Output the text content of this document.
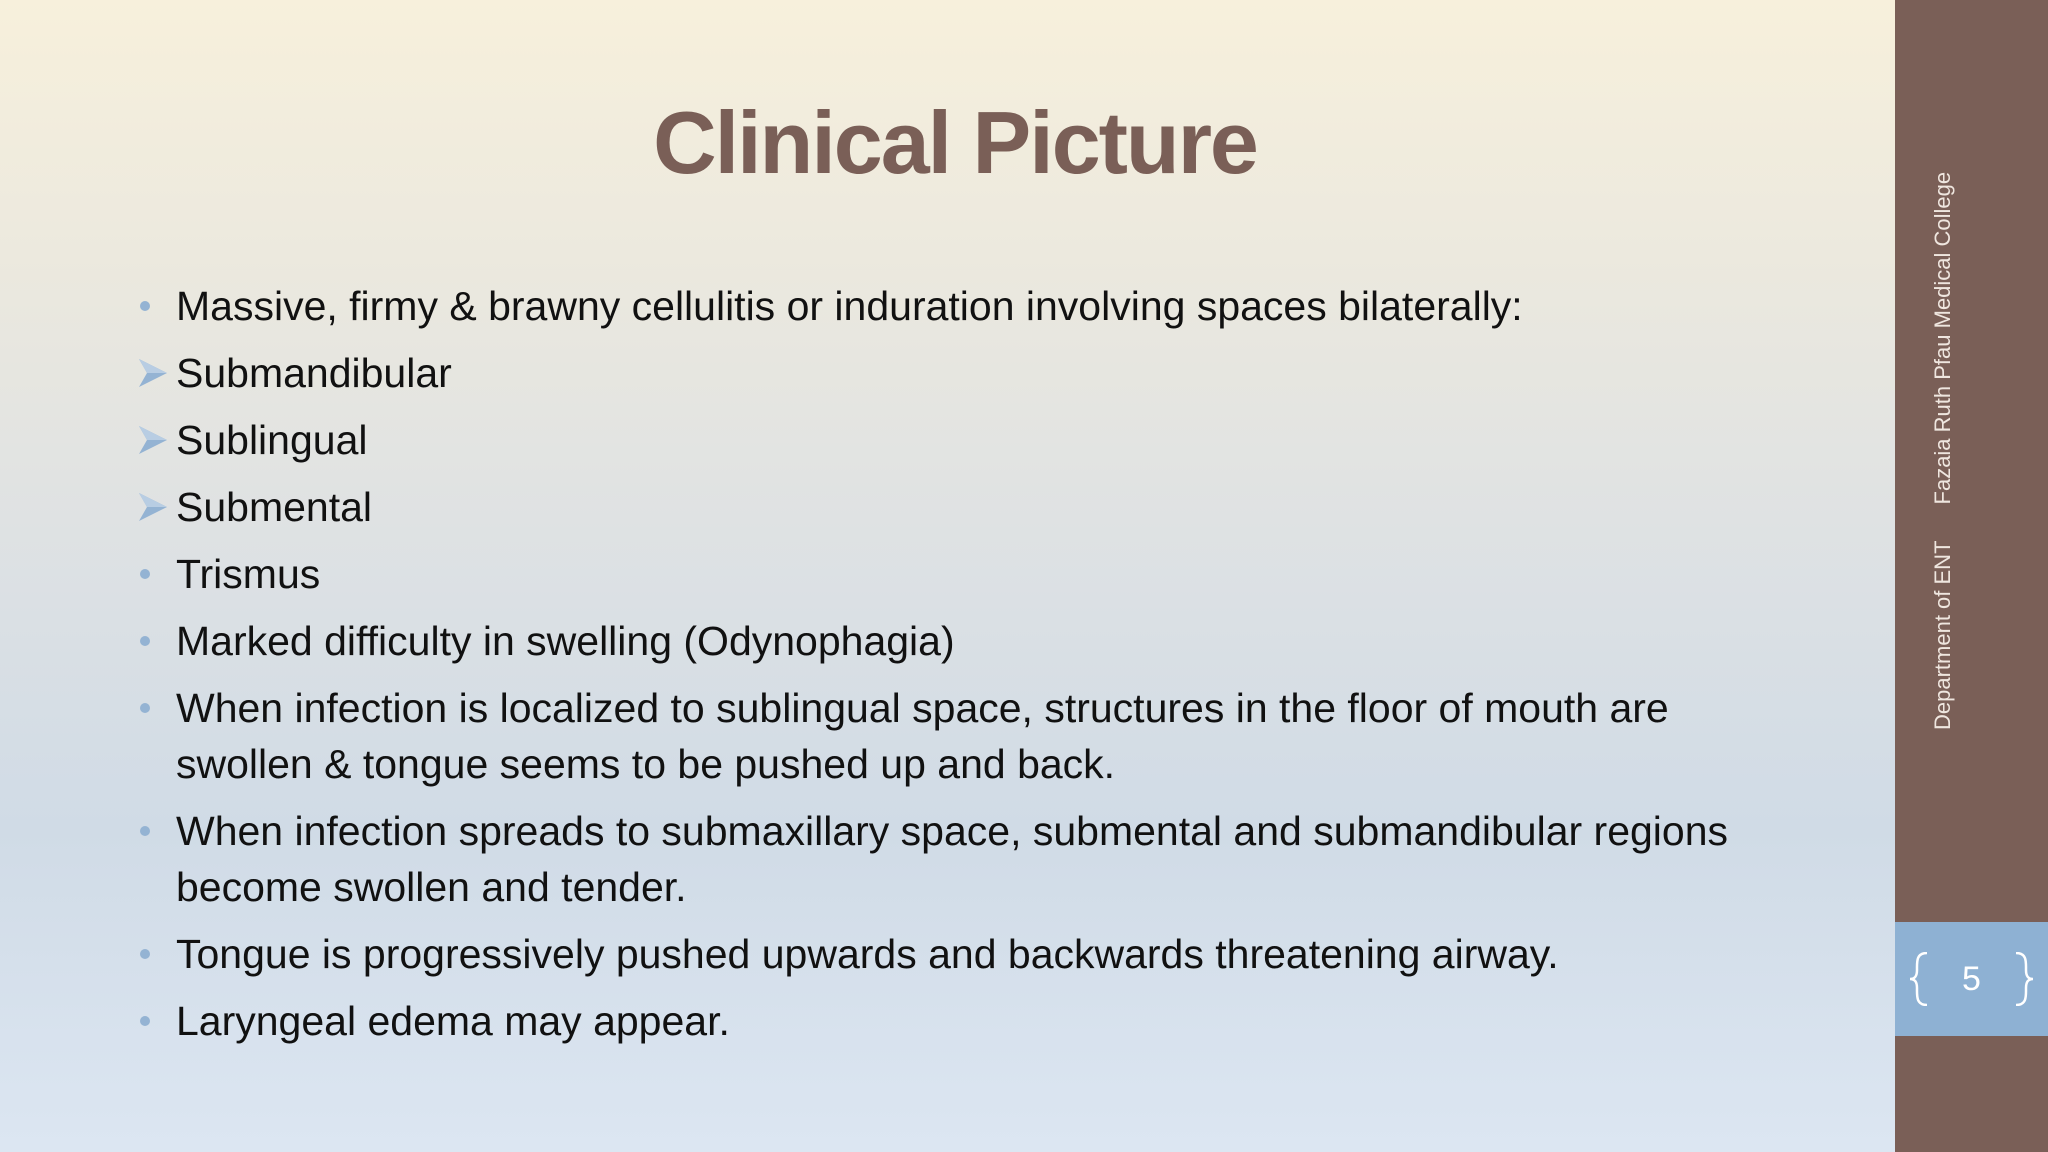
Clinical Picture
Massive, firmy & brawny cellulitis or induration involving spaces bilaterally:
Submandibular
Sublingual
Submental
Trismus
Marked difficulty in swelling (Odynophagia)
When infection is localized to sublingual space, structures in the floor of mouth are swollen & tongue seems to be pushed up and back.
When infection spreads to submaxillary space, submental and submandibular regions become swollen and tender.
Tongue is progressively pushed upwards and backwards threatening airway.
Laryngeal edema may appear.
Department of ENTFazaia Ruth Pfau Medical College
5
